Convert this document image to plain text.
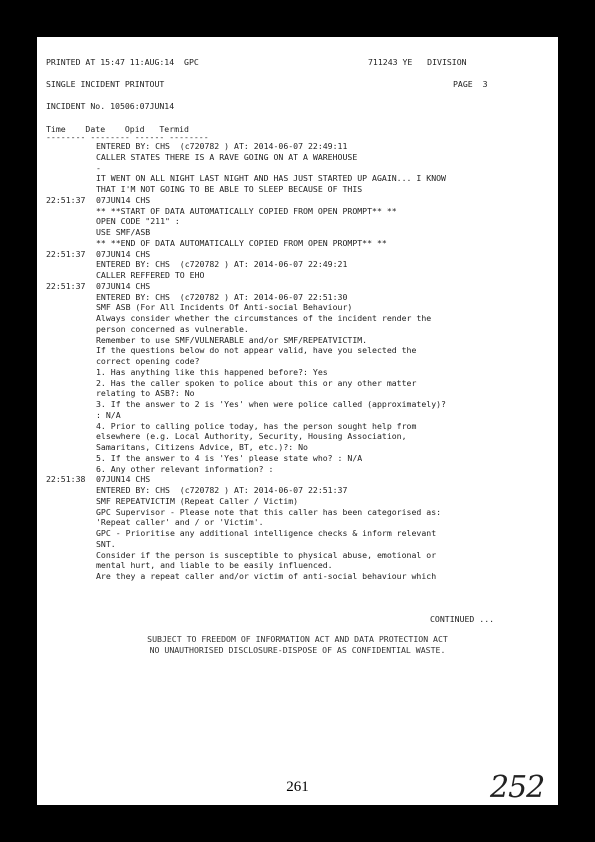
PRINTED AT 15:47 11:AUG:14  GPC	711243 YE   DIVISION
SINGLE INCIDENT PRINTOUT	PAGE  3
INCIDENT No. 10506:07JUN14
Time    Date    Opid   Termid
-------- -------- ------ --------
ENTERED BY: CHS  (c720782 ) AT: 2014-06-07 22:49:11
CALLER STATES THERE IS A RAVE GOING ON AT A WAREHOUSE
-
IT WENT ON ALL NIGHT LAST NIGHT AND HAS JUST STARTED UP AGAIN... I KNOW
THAT I'M NOT GOING TO BE ABLE TO SLEEP BECAUSE OF THIS
22:51:37 07JUN14 CHS
** **START OF DATA AUTOMATICALLY COPIED FROM OPEN PROMPT** **
OPEN CODE "211" :
USE SMF/ASB
** **END OF DATA AUTOMATICALLY COPIED FROM OPEN PROMPT** **
22:51:37 07JUN14 CHS
ENTERED BY: CHS  (c720782 ) AT: 2014-06-07 22:49:21
CALLER REFFERED TO EHO
22:51:37 07JUN14 CHS
ENTERED BY: CHS  (c720782 ) AT: 2014-06-07 22:51:30
SMF ASB (For All Incidents Of Anti-social Behaviour)
Always consider whether the circumstances of the incident render the
person concerned as vulnerable.
Remember to use SMF/VULNERABLE and/or SMF/REPEATVICTIM.
If the questions below do not appear valid, have you selected the
correct opening code?
1. Has anything like this happened before?: Yes
2. Has the caller spoken to police about this or any other matter
relating to ASB?: No
3. If the answer to 2 is 'Yes' when were police called (approximately)?
: N/A
4. Prior to calling police today, has the person sought help from
elsewhere (e.g. Local Authority, Security, Housing Association,
Samaritans, Citizens Advice, BT, etc.)?: No
5. If the answer to 4 is 'Yes' please state who? : N/A
6. Any other relevant information? :
22:51:38 07JUN14 CHS
ENTERED BY: CHS  (c720782 ) AT: 2014-06-07 22:51:37
SMF REPEATVICTIM (Repeat Caller / Victim)
GPC Supervisor - Please note that this caller has been categorised as:
'Repeat caller' and / or 'Victim'.
GPC - Prioritise any additional intelligence checks & inform relevant
SNT.
Consider if the person is susceptible to physical abuse, emotional or
mental hurt, and liable to be easily influenced.
Are they a repeat caller and/or victim of anti-social behaviour which
CONTINUED ...
SUBJECT TO FREEDOM OF INFORMATION ACT AND DATA PROTECTION ACT
NO UNAUTHORISED DISCLOSURE-DISPOSE OF AS CONFIDENTIAL WASTE.
261	252
